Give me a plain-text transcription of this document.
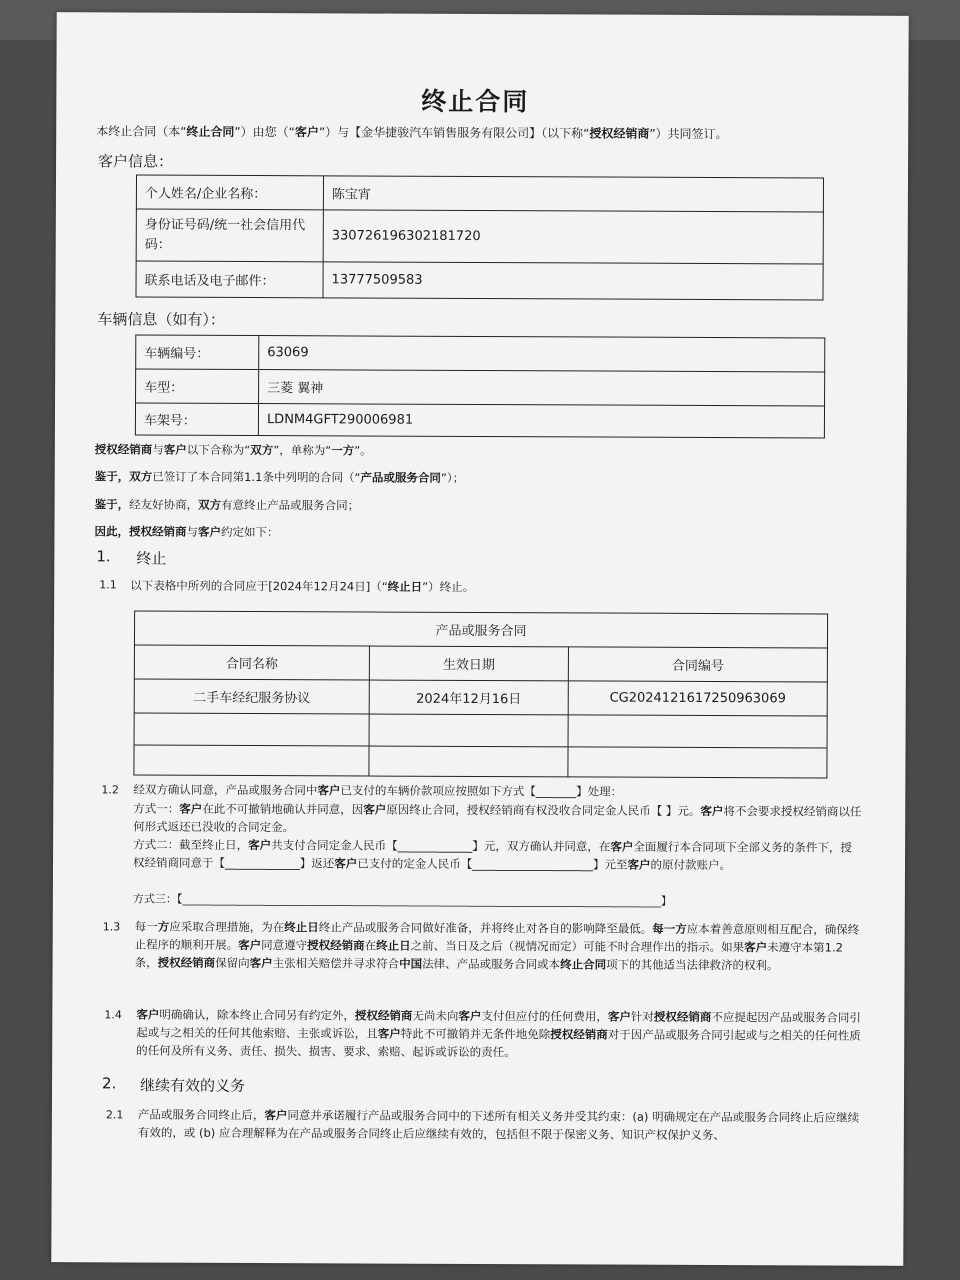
终止合同
本终止合同（本“终止合同”）由您（“客户”）与【金华捷骏汽车销售服务有限公司】（以下称“授权经销商”）共同签订。
客户信息：
个人姓名/企业名称：	陈宝宵
身份证号码/统一社会信用代码：	330726196302181720
联系电话及电子邮件：	13777509583
车辆信息（如有）：
车辆编号：	63069
车型：	三菱 翼神
车架号：	LDNM4GFT290006981
授权经销商与客户以下合称为“双方”，单称为“一方”。
鉴于，双方已签订了本合同第1.1条中列明的合同（“产品或服务合同”）；
鉴于，经友好协商，双方有意终止产品或服务合同；
因此，授权经销商与客户约定如下：
1. 终止
1.1 以下表格中所列的合同应于[2024年12月24日]（“终止日”）终止。
产品或服务合同		
合同名称	生效日期	合同编号
二手车经纪服务协议	2024年12月16日	CG2024121617250963069

1.2 经双方确认同意，产品或服务合同中客户已支付的车辆价款项应按照如下方式【_______】处理：
方式一：客户在此不可撤销地确认并同意，因客户原因终止合同，授权经销商有权没收合同定金人民币【 】元。客户将不会要求授权经销商以任何形式返还已没收的合同定金。
方式二：截至终止日，客户共支付合同定金人民币【_____________】元，双方确认并同意，在客户全面履行本合同项下全部义务的条件下，授权经销商同意于【_____________】返还客户已支付的定金人民币【_____________________】元至客户的原付款账户。
方式三：【_______________________________________________________________________________________】
1.3 每一方应采取合理措施，为在终止日终止产品或服务合同做好准备，并将终止对各自的影响降至最低。每一方应本着善意原则相互配合，确保终止程序的顺利开展。客户同意遵守授权经销商在终止日之前、当日及之后（视情况而定）可能不时合理作出的指示。如果客户未遵守本第1.2条，授权经销商保留向客户主张相关赔偿并寻求符合中国法律、产品或服务合同或本终止合同项下的其他适当法律救济的权利。
1.4 客户明确确认，除本终止合同另有约定外，授权经销商无尚未向客户支付但应付的任何费用，客户针对授权经销商不应提起因产品或服务合同引起或与之相关的任何其他索赔、主张或诉讼，且客户特此不可撤销并无条件地免除授权经销商对于因产品或服务合同引起或与之相关的任何性质的任何及所有义务、责任、损失、损害、要求、索赔、起诉或诉讼的责任。
2. 继续有效的义务
2.1 产品或服务合同终止后，客户同意并承诺履行产品或服务合同中的下述所有相关义务并受其约束：(a) 明确规定在产品或服务合同终止后应继续有效的，或 (b) 应合理解释为在产品或服务合同终止后应继续有效的，包括但不限于保密义务、知识产权保护义务、
